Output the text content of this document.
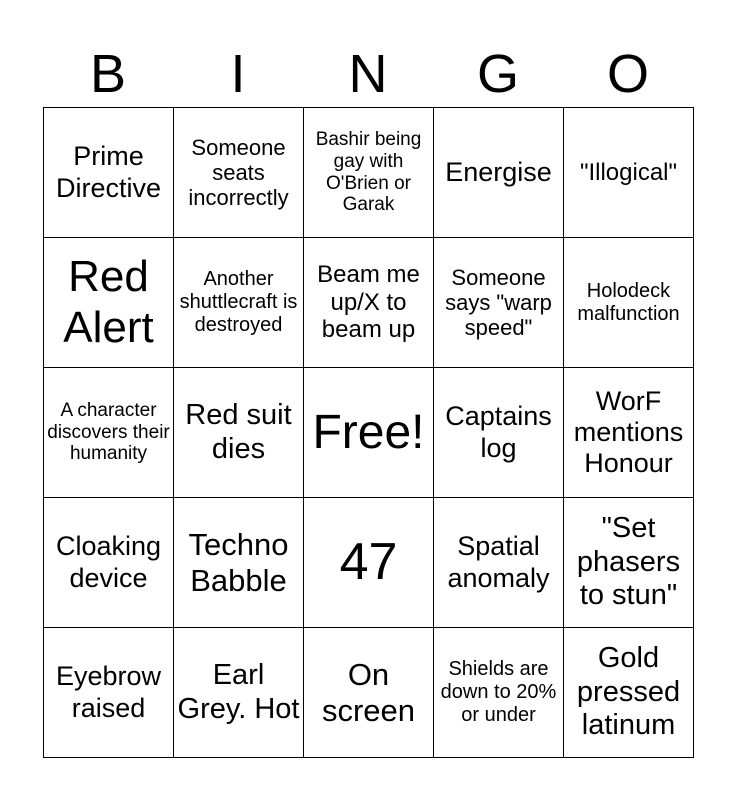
B	I	N	G	O
Prime Directive	Someone seats incorrectly	Bashir being gay with O'Brien or Garak	Energise	"Illogical"
Red Alert	Another shuttlecraft is destroyed	Beam me up/X to beam up	Someone says "warp speed"	Holodeck malfunction
A character discovers their humanity	Red suit dies	Free!	Captains log	WorF mentions Honour
Cloaking device	Techno Babble	47	Spatial anomaly	"Set phasers to stun"
Eyebrow raised	Earl Grey. Hot	On screen	Shields are down to 20% or under	Gold pressed latinum
